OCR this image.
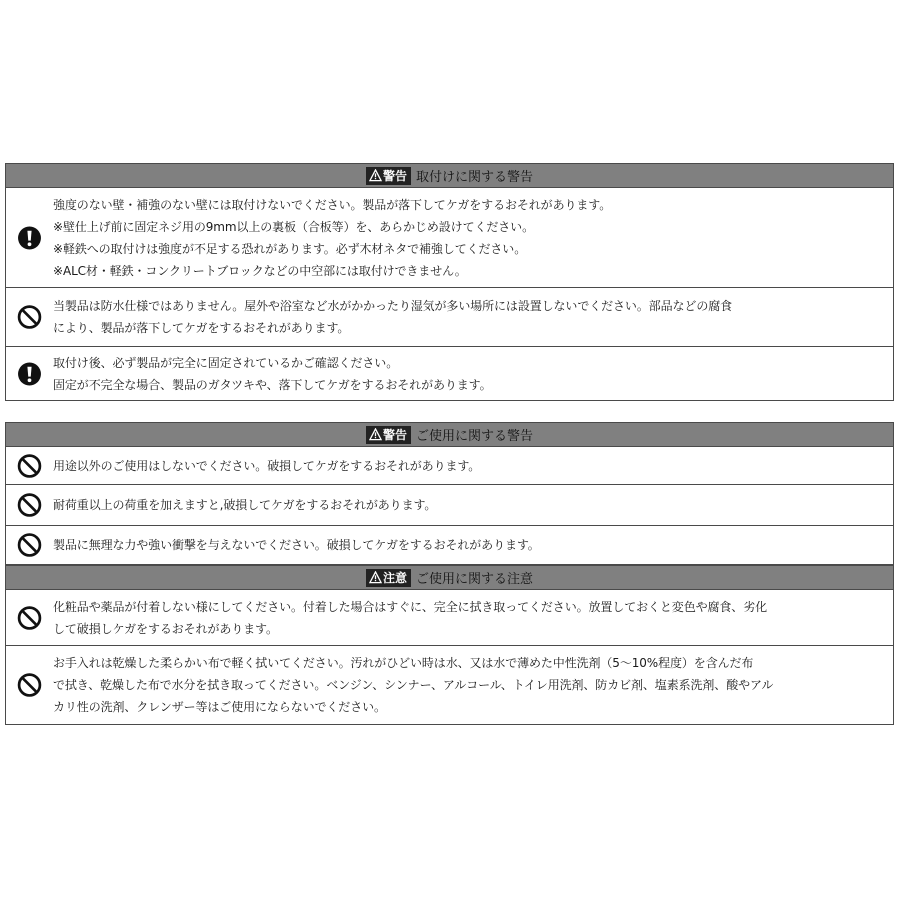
警告 取付けに関する警告
強度のない壁・補強のない壁には取付けないでください。製品が落下してケガをするおそれがあります。
※壁仕上げ前に固定ネジ用の9mm以上の裏板（合板等）を、あらかじめ設けてください。
※軽鉄への取付けは強度が不足する恐れがあります。必ず木材ネタで補強してください。
※ALC材・軽鉄・コンクリートブロックなどの中空部には取付けできません。
当製品は防水仕様ではありません。屋外や浴室など水がかかったり湿気が多い場所には設置しないでください。部品などの腐食
により、製品が落下してケガをするおそれがあります。
取付け後、必ず製品が完全に固定されているかご確認ください。
固定が不完全な場合、製品のガタツキや、落下してケガをするおそれがあります。
警告 ご使用に関する警告
用途以外のご使用はしないでください。破損してケガをするおそれがあります。
耐荷重以上の荷重を加えますと,破損してケガをするおそれがあります。
製品に無理な力や強い衝撃を与えないでください。破損してケガをするおそれがあります。
注意 ご使用に関する注意
化粧品や薬品が付着しない様にしてください。付着した場合はすぐに、完全に拭き取ってください。放置しておくと変色や腐食、劣化
して破損しケガをするおそれがあります。
お手入れは乾燥した柔らかい布で軽く拭いてください。汚れがひどい時は水、又は水で薄めた中性洗剤（5〜10%程度）を含んだ布
で拭き、乾燥した布で水分を拭き取ってください。ベンジン、シンナー、アルコール、トイレ用洗剤、防カビ剤、塩素系洗剤、酸やアル
カリ性の洗剤、クレンザー等はご使用にならないでください。
